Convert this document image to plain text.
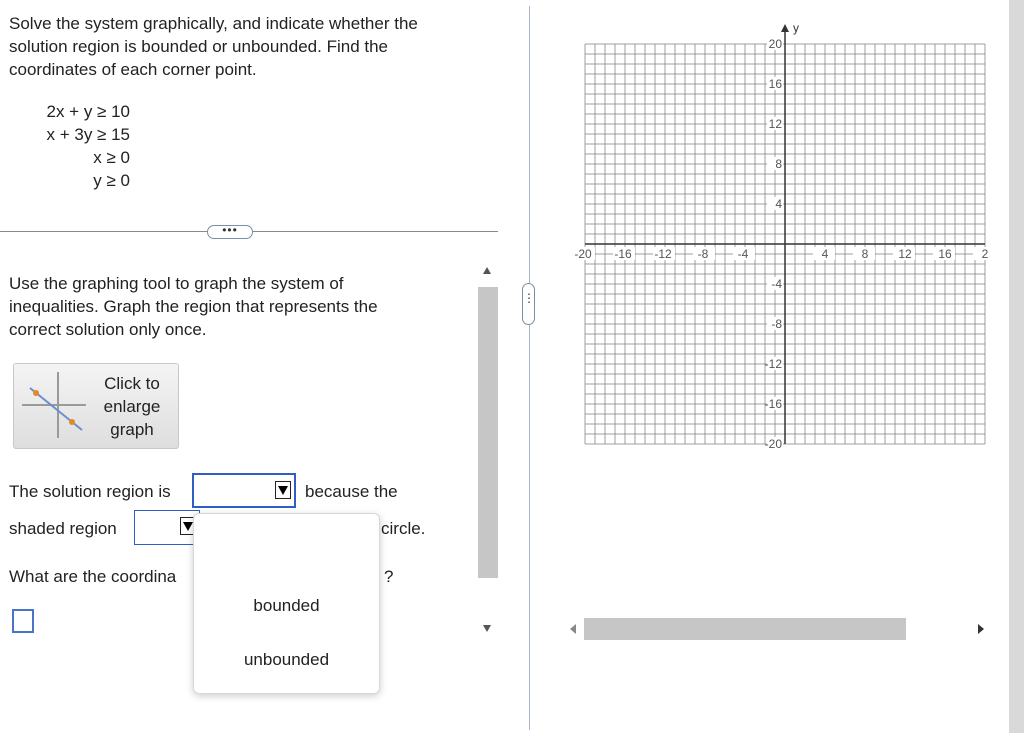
Solve the system graphically, and indicate whether the solution region is bounded or unbounded. Find the coordinates of each corner point.
2x + y ≥ 10
x + 3y ≥ 15
x ≥ 0
y ≥ 0
•••
Use the graphing tool to graph the system of inequalities. Graph the region that represents the correct solution only once.
Click to enlarge graph
The solution region is	because the
shaded region	circle.
What are the coordina	?
bounded
unbounded
⋮
y
-20 -16 -12 -8 -4	4	8 12 16 2
20
16
12
8
4
-4
-8
-12
-16
-20
